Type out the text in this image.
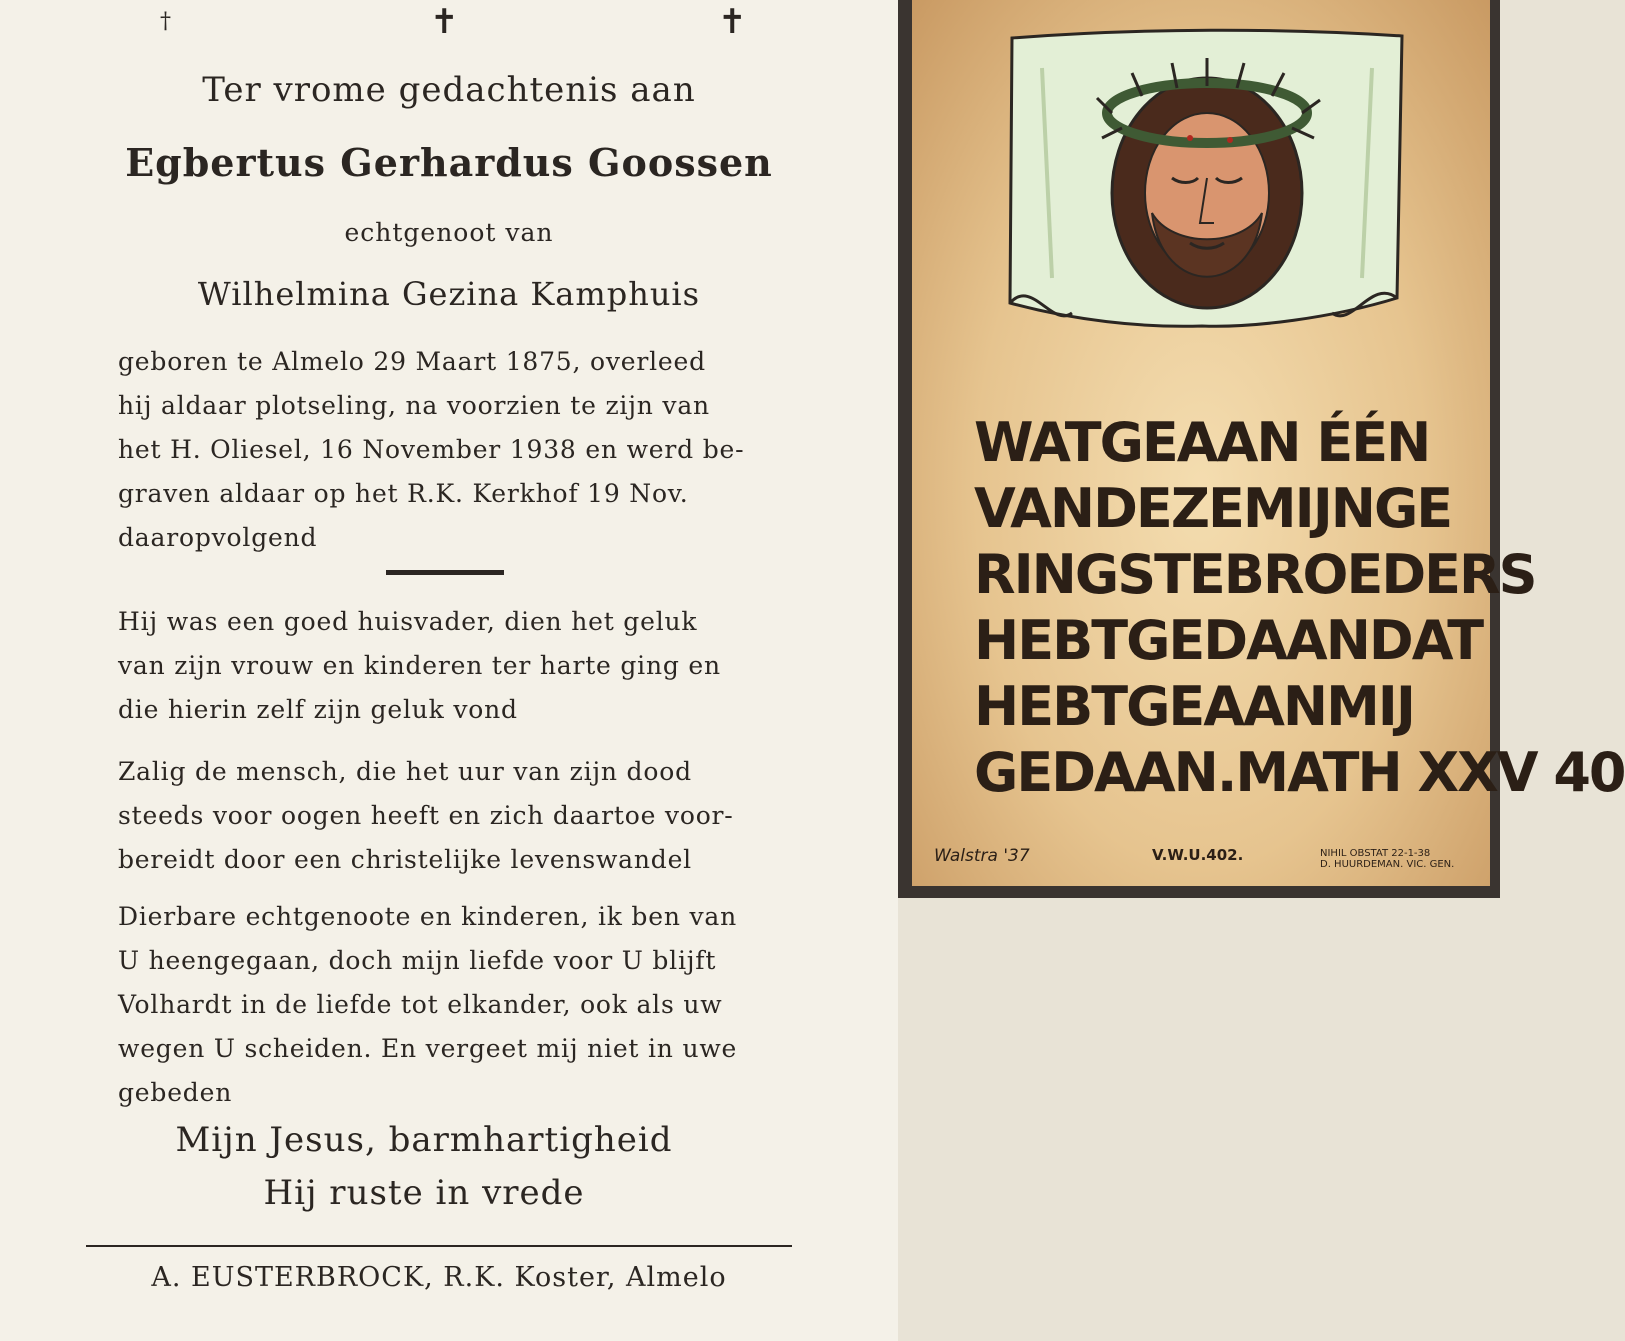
†	✝	✝
Ter vrome gedachtenis aan
Egbertus Gerhardus Goossen
echtgenoot van
Wilhelmina Gezina Kamphuis
geboren te Almelo 29 Maart 1875, overleed
hij aldaar plotseling, na voorzien te zijn van
het H. Oliesel, 16 November 1938 en werd be-
graven aldaar op het R.K. Kerkhof 19 Nov.
daaropvolgend
Hij was een goed huisvader, dien het geluk
van zijn vrouw en kinderen ter harte ging en
die hierin zelf zijn geluk vond
Zalig de mensch, die het uur van zijn dood
steeds voor oogen heeft en zich daartoe voor-
bereidt door een christelijke levenswandel
Dierbare echtgenoote en kinderen, ik ben van
U heengegaan, doch mijn liefde voor U blijft
Volhardt in de liefde tot elkander, ook als uw
wegen U scheiden. En vergeet mij niet in uwe
gebeden
Mijn Jesus, barmhartigheid
Hij ruste in vrede
A. EUSTERBROCK, R.K. Koster, Almelo
WATGEAAN ÉÉN
VANDEZEMIJNGE
RINGSTEBROEDERS
HEBTGEDAANDAT
HEBTGEAANMIJ
GEDAAN.MATH XXV 40
Walstra '37	V.W.U.402.	NIHIL OBSTAT 22-1-38
D. HUURDEMAN. VIC. GEN.
